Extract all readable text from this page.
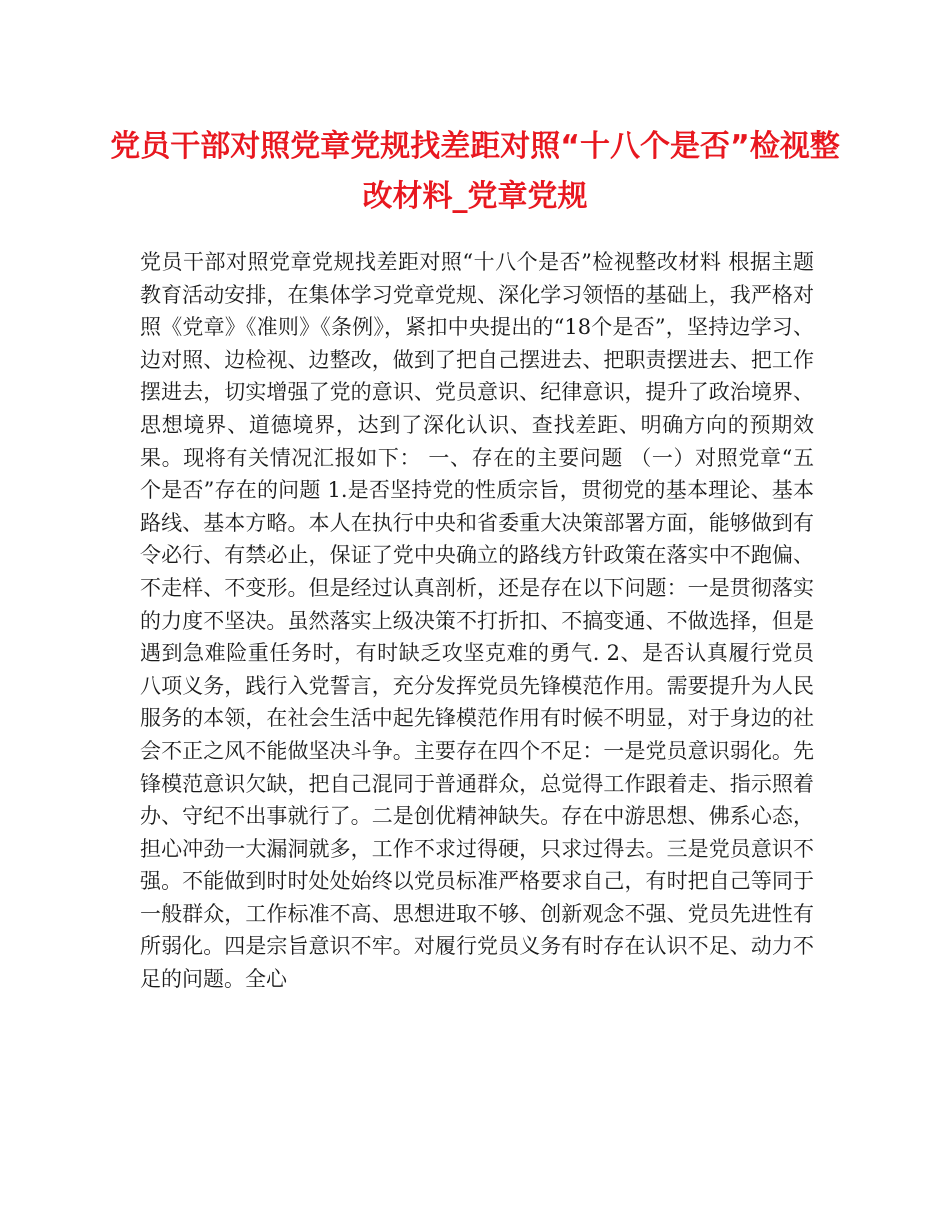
党员干部对照党章党规找差距对照“十八个是否”检视整改材料_党章党规

党员干部对照党章党规找差距对照“十八个是否”检视整改材料 根据主题教育活动安排，在集体学习党章党规、深化学习领悟的基础上，我严格对照《党章》《准则》《条例》，紧扣中央提出的“18个是否”，坚持边学习、边对照、边检视、边整改，做到了把自己摆进去、把职责摆进去、把工作摆进去，切实增强了党的意识、党员意识、纪律意识，提升了政治境界、思想境界、道德境界，达到了深化认识、查找差距、明确方向的预期效果。现将有关情况汇报如下： 一、存在的主要问题 （一）对照党章“五个是否”存在的问题 1.是否坚持党的性质宗旨，贯彻党的基本理论、基本路线、基本方略。本人在执行中央和省委重大决策部署方面，能够做到有令必行、有禁必止，保证了党中央确立的路线方针政策在落实中不跑偏、不走样、不变形。但是经过认真剖析，还是存在以下问题：一是贯彻落实的力度不坚决。虽然落实上级决策不打折扣、不搞变通、不做选择，但是遇到急难险重任务时，有时缺乏攻坚克难的勇气. 2、是否认真履行党员八项义务，践行入党誓言，充分发挥党员先锋模范作用。需要提升为人民服务的本领，在社会生活中起先锋模范作用有时候不明显，对于身边的社会不正之风不能做坚决斗争。主要存在四个不足：一是党员意识弱化。先锋模范意识欠缺，把自己混同于普通群众，总觉得工作跟着走、指示照着办、守纪不出事就行了。二是创优精神缺失。存在中游思想、佛系心态，担心冲劲一大漏洞就多，工作不求过得硬，只求过得去。三是党员意识不强。不能做到时时处处始终以党员标准严格要求自己，有时把自己等同于一般群众，工作标准不高、思想进取不够、创新观念不强、党员先进性有所弱化。四是宗旨意识不牢。对履行党员义务有时存在认识不足、动力不足的问题。全心
